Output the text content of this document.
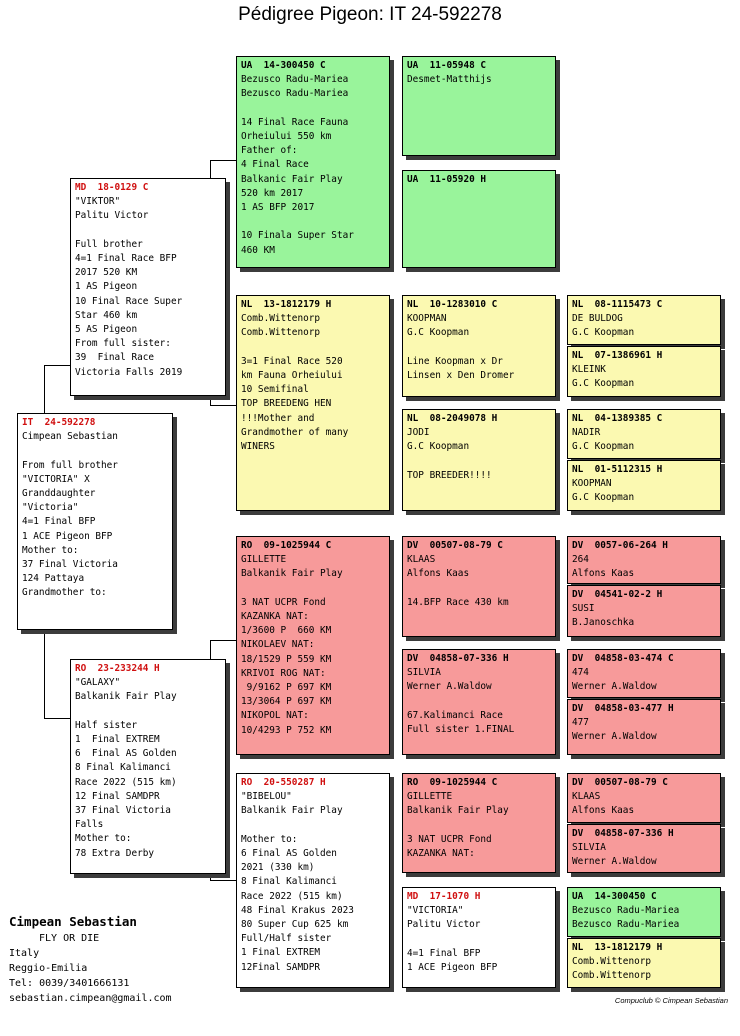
Pédigree Pigeon: IT 24-592278
IT  24-592278
Cimpean Sebastian

From full brother
"VICTORIA" X
Granddaughter
"Victoria"
4=1 Final BFP
1 ACE Pigeon BFP
Mother to:
37 Final Victoria
124 Pattaya
Grandmother to:
MD  18-0129 C
"VIKTOR"
Palitu Victor

Full brother
4=1 Final Race BFP
2017 520 KM
1 AS Pigeon
10 Final Race Super
Star 460 km
5 AS Pigeon
From full sister:
39  Final Race
Victoria Falls 2019
RO  23-233244 H
"GALAXY"
Balkanik Fair Play

Half sister
1  Final EXTREM
6  Final AS Golden
8 Final Kalimanci
Race 2022 (515 km)
12 Final SAMDPR
37 Final Victoria
Falls
Mother to:
78 Extra Derby
UA  14-300450 C
Bezusco Radu-Mariea
Bezusco Radu-Mariea

14 Final Race Fauna
Orheiului 550 km
Father of:
4 Final Race
Balkanic Fair Play
520 km 2017
1 AS BFP 2017

10 Finala Super Star
460 KM
NL  13-1812179 H
Comb.Wittenorp
Comb.Wittenorp

3=1 Final Race 520
km Fauna Orheiului
10 Semifinal
TOP BREEDENG HEN
!!!Mother and
Grandmother of many
WINERS
RO  09-1025944 C
GILLETTE
Balkanik Fair Play

3 NAT UCPR Fond
KAZANKA NAT:
1/3600 P  660 KM
NIKOLAEV NAT:
18/1529 P 559 KM
KRIVOI ROG NAT:
9/9162 P 697 KM
13/3064 P 697 KM
NIKOPOL NAT:
10/4293 P 752 KM
RO  20-550287 H
"BIBELOU"
Balkanik Fair Play

Mother to:
6 Final AS Golden
2021 (330 km)
8 Final Kalimanci
Race 2022 (515 km)
48 Final Krakus 2023
80 Super Cup 625 km
Full/Half sister
1 Final EXTREM
12Final SAMDPR
UA  11-05948 C
Desmet-Matthijs
UA  11-05920 H
NL  10-1283010 C
KOOPMAN
G.C Koopman

Line Koopman x Dr
Linsen x Den Dromer
NL  08-2049078 H
JODI
G.C Koopman

TOP BREEDER!!!!
DV  00507-08-79 C
KLAAS
Alfons Kaas

14.BFP Race 430 km
DV  04858-07-336 H
SILVIA
Werner A.Waldow

67.Kalimanci Race
Full sister 1.FINAL
RO  09-1025944 C
GILLETTE
Balkanik Fair Play

3 NAT UCPR Fond
KAZANKA NAT:
MD  17-1070 H
"VICTORIA"
Palitu Victor

4=1 Final BFP
1 ACE Pigeon BFP
NL  08-1115473 C
DE BULDOG
G.C Koopman
NL  07-1386961 H
KLEINK
G.C Koopman
NL  04-1389385 C
NADIR
G.C Koopman
NL  01-5112315 H
KOOPMAN
G.C Koopman
DV  0057-06-264 H
264
Alfons Kaas
DV  04541-02-2 H
SUSI
B.Janoschka
DV  04858-03-474 C
474
Werner A.Waldow
DV  04858-03-477 H
477
Werner A.Waldow
DV  00507-08-79 C
KLAAS
Alfons Kaas
DV  04858-07-336 H
SILVIA
Werner A.Waldow
UA  14-300450 C
Bezusco Radu-Mariea
Bezusco Radu-Mariea
NL  13-1812179 H
Comb.Wittenorp
Comb.Wittenorp
Cimpean Sebastian
FLY OR DIE
Italy
Reggio-Emilia
Tel: 0039/3401666131
sebastian.cimpean@gmail.com	Compuclub © Cimpean Sebastian
